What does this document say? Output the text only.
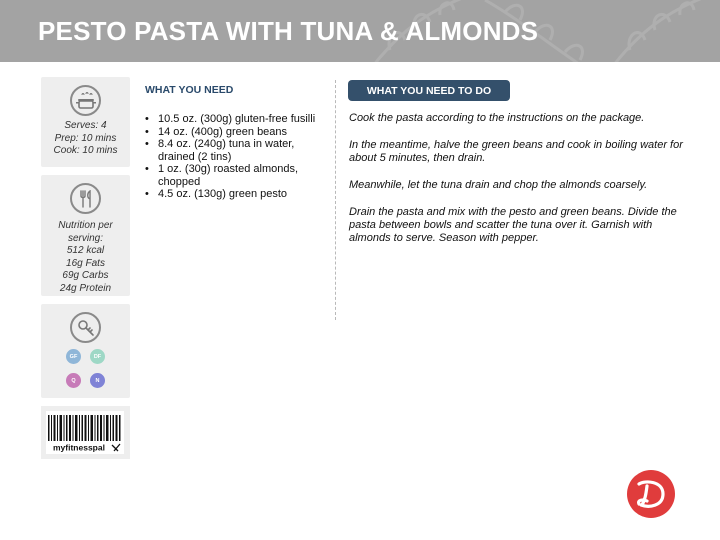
PESTO PASTA WITH TUNA & ALMONDS
Serves: 4
Prep: 10 mins
Cook: 10 mins
Nutrition per
serving:
512 kcal
16g Fats
69g Carbs
24g Protein
GF	DF
Q	N
myfitnesspal
WHAT YOU NEED
• 10.5 oz. (300g) gluten-free fusilli
• 14 oz. (400g) green beans
• 8.4 oz. (240g) tuna in water, drained (2 tins)
• 1 oz. (30g) roasted almonds, chopped
• 4.5 oz. (130g) green pesto
WHAT YOU NEED TO DO

Cook the pasta according to the instructions on the package.

In the meantime, halve the green beans and cook in boiling water for about 5 minutes, then drain.

Meanwhile, let the tuna drain and chop the almonds coarsely.

Drain the pasta and mix with the pesto and green beans. Divide the pasta between bowls and scatter the tuna over it. Garnish with almonds to serve. Season with pepper.
